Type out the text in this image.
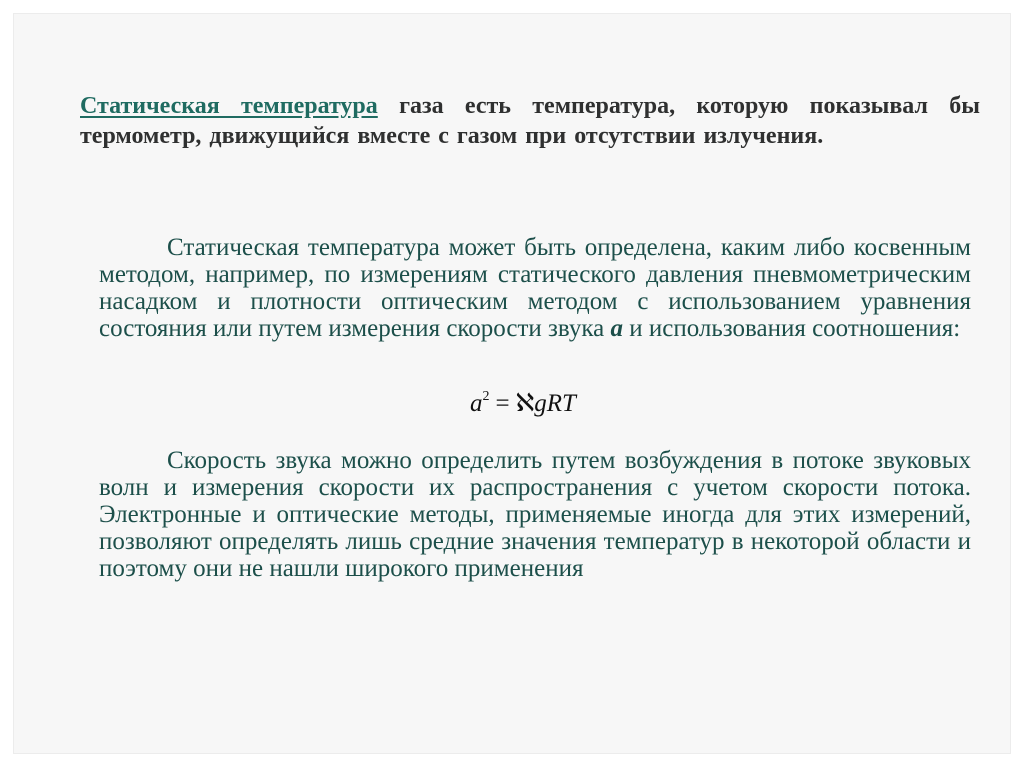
Статическая температура газа есть температура, которую показывал бы термометр, движущийся вместе с газом при отсутствии излучения.

Статическая температура может быть определена, каким либо косвенным методом, например, по измерениям статического давления пневмометрическим насадком и плотности оптическим методом с использованием уравнения состояния или путем измерения скорости звука a и использования соотношения:

$a^2$ = ℵgRT

Скорость звука можно определить путем возбуждения в потоке звуковых волн и измерения скорости их распространения с учетом скорости потока. Электронные и оптические методы, применяемые иногда для этих измерений, позволяют определять лишь средние значения температур в некоторой области и поэтому они не нашли широкого применения
